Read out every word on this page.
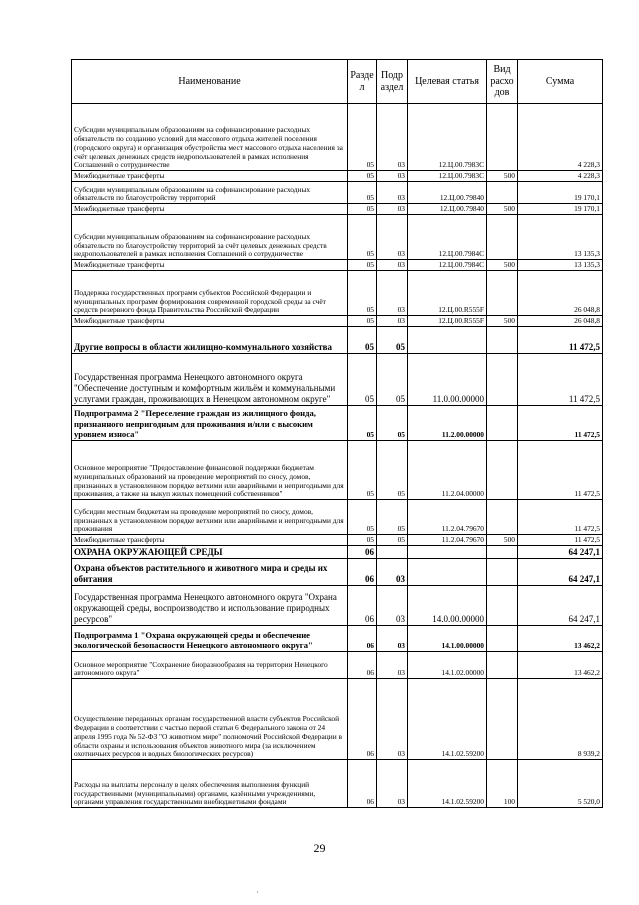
Наименование	Разде л	Подр аздел	Целевая статья	Вид расхо дов	Сумма
Субсидии муниципальным образованиям на софинансирование расходных обязательств по созданию условий для массового отдыха жителей поселения (городского округа) и организация обустройства мест массового отдыха населения за счёт целевых денежных средств недропользователей в рамках исполнения Соглашений о сотрудничестве	05	03	12.Ц.00.7983С		4 228,3
Межбюджетные трансферты	05	03	12.Ц.00.7983С	500	4 228,3
Субсидии муниципальным образованиям на софинансирование расходных обязательств по благоустройству территорий	05	03	12.Ц.00.79840		19 170,1
Межбюджетные трансферты	05	03	12.Ц.00.79840	500	19 170,1
Субсидии муниципальным образованиям на софинансирование расходных обязательств по благоустройству территорий за счёт целевых денежных средств недропользователей в рамках исполнения Соглашений о сотрудничестве	05	03	12.Ц.00.7984С		13 135,3
Межбюджетные трансферты	05	03	12.Ц.00.7984С	500	13 135,3
Поддержка государственных программ субъектов Российской Федерации и муниципальных программ формирования современной городской среды за счёт средств резервного фонда Правительства Российской Федерации	05	03	12.Ц.00.R555F		26 048,8
Межбюджетные трансферты	05	03	12.Ц.00.R555F	500	26 048,8
Другие вопросы в области жилищно-коммунального хозяйства	05	05			11 472,5
Государственная программа Ненецкого автономного округа "Обеспечение доступным и комфортным жильём и коммунальными услугами граждан, проживающих в Ненецком автономном округе"	05	05	11.0.00.00000		11 472,5
Подпрограмма 2 "Переселение граждан из жилищного фонда, признанного непригодным для проживания и/или с высоким уровнем износа"	05	05	11.2.00.00000		11 472,5
Основное мероприятие "Предоставление финансовой поддержки бюджетам муниципальных образований на проведение мероприятий по сносу, домов, признанных в установленном порядке ветхими или аварийными и непригодными для проживания, а также на выкуп жилых помещений собственников"	05	05	11.2.04.00000		11 472,5
Субсидии местным бюджетам на проведение мероприятий по сносу, домов, признанных в установленном порядке ветхими или аварийными и непригодными для проживания	05	05	11.2.04.79670		11 472,5
Межбюджетные трансферты	05	05	11.2.04.79670	500	11 472,5
ОХРАНА ОКРУЖАЮЩЕЙ СРЕДЫ	06				64 247,1
Охрана объектов растительного и животного мира и среды их обитания	06	03			64 247,1
Государственная программа Ненецкого автономного округа "Охрана окружающей среды, воспроизводство и использование природных ресурсов"	06	03	14.0.00.00000		64 247,1
Подпрограмма 1 "Охрана окружающей среды и обеспечение экологической безопасности Ненецкого автономного округа"	06	03	14.1.00.00000		13 462,2
Основное мероприятие "Сохранение биоразнообразия на территории Ненецкого автономного округа"	06	03	14.1.02.00000		13 462,2
Осуществление переданных органам государственной власти субъектов Российской Федерации в соответствии с частью первой статьи 6 Федерального закона от 24 апреля 1995 года № 52-ФЗ "О животном мире" полномочий Российской Федерации в области охраны и использования объектов животного мира (за исключением охотничьих ресурсов и водных биологических ресурсов)	06	03	14.1.02.59200		8 939,2
Расходы на выплаты персоналу в целях обеспечения выполнения функций государственными (муниципальными) органами, казёнными учреждениями, органами управления государственными внебюджетными фондами	06	03	14.1.02.59200	100	5 520,0
29
·
